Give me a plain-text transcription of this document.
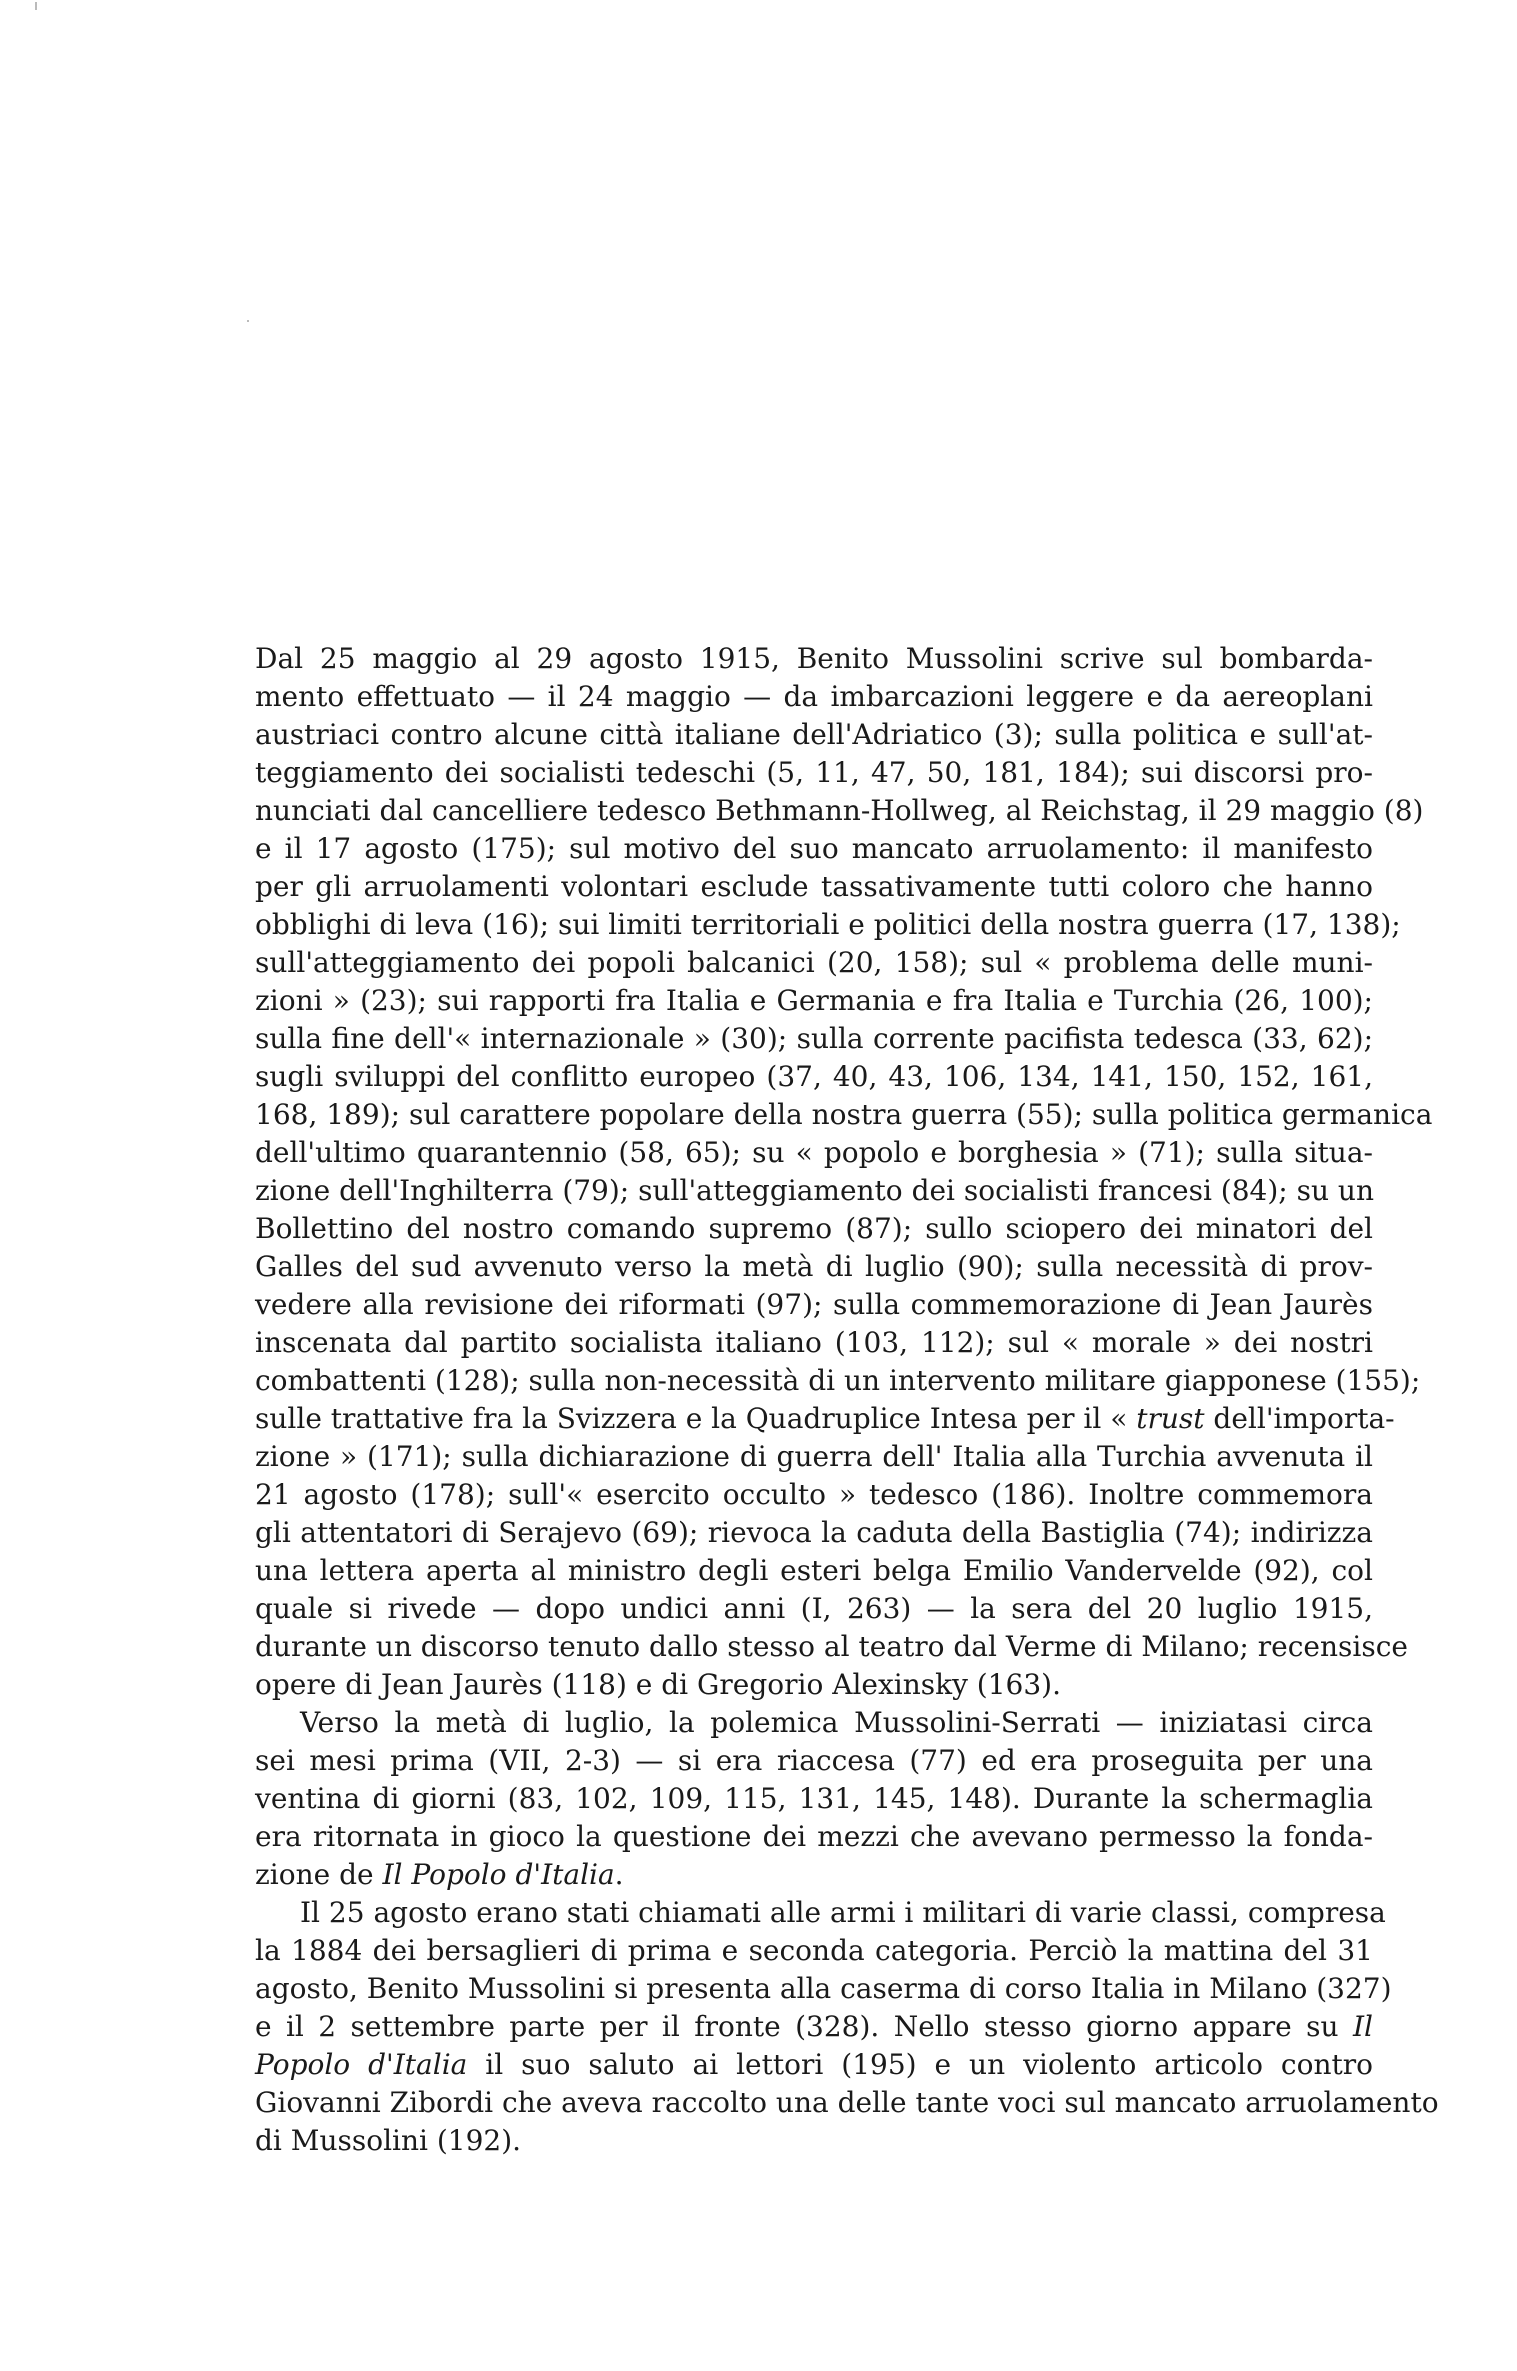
Dal 25 maggio al 29 agosto 1915, Benito Mussolini scrive sul bombarda-
mento effettuato — il 24 maggio — da imbarcazioni leggere e da aereoplani
austriaci contro alcune città italiane dell'Adriatico (3); sulla politica e sull'at-
teggiamento dei socialisti tedeschi (5, 11, 47, 50, 181, 184); sui discorsi pro-
nunciati dal cancelliere tedesco Bethmann-Hollweg, al Reichstag, il 29 maggio (8)
e il 17 agosto (175); sul motivo del suo mancato arruolamento: il manifesto
per gli arruolamenti volontari esclude tassativamente tutti coloro che hanno
obblighi di leva (16); sui limiti territoriali e politici della nostra guerra (17, 138);
sull'atteggiamento dei popoli balcanici (20, 158); sul « problema delle muni-
zioni » (23); sui rapporti fra Italia e Germania e fra Italia e Turchia (26, 100);
sulla fine dell'« internazionale » (30); sulla corrente pacifista tedesca (33, 62);
sugli sviluppi del conflitto europeo (37, 40, 43, 106, 134, 141, 150, 152, 161,
168, 189); sul carattere popolare della nostra guerra (55); sulla politica germanica
dell'ultimo quarantennio (58, 65); su « popolo e borghesia » (71); sulla situa-
zione dell'Inghilterra (79); sull'atteggiamento dei socialisti francesi (84); su un
Bollettino del nostro comando supremo (87); sullo sciopero dei minatori del
Galles del sud avvenuto verso la metà di luglio (90); sulla necessità di prov-
vedere alla revisione dei riformati (97); sulla commemorazione di Jean Jaurès
inscenata dal partito socialista italiano (103, 112); sul « morale » dei nostri
combattenti (128); sulla non-necessità di un intervento militare giapponese (155);
sulle trattative fra la Svizzera e la Quadruplice Intesa per il « trust dell'importa-
zione » (171); sulla dichiarazione di guerra dell' Italia alla Turchia avvenuta il
21 agosto (178); sull'« esercito occulto » tedesco (186). Inoltre commemora
gli attentatori di Serajevo (69); rievoca la caduta della Bastiglia (74); indirizza
una lettera aperta al ministro degli esteri belga Emilio Vandervelde (92), col
quale si rivede — dopo undici anni (I, 263) — la sera del 20 luglio 1915,
durante un discorso tenuto dallo stesso al teatro dal Verme di Milano; recensisce
opere di Jean Jaurès (118) e di Gregorio Alexinsky (163).
Verso la metà di luglio, la polemica Mussolini-Serrati — iniziatasi circa
sei mesi prima (VII, 2-3) — si era riaccesa (77) ed era proseguita per una
ventina di giorni (83, 102, 109, 115, 131, 145, 148). Durante la schermaglia
era ritornata in gioco la questione dei mezzi che avevano permesso la fonda-
zione de Il Popolo d'Italia.
Il 25 agosto erano stati chiamati alle armi i militari di varie classi, compresa
la 1884 dei bersaglieri di prima e seconda categoria. Perciò la mattina del 31
agosto, Benito Mussolini si presenta alla caserma di corso Italia in Milano (327)
e il 2 settembre parte per il fronte (328). Nello stesso giorno appare su Il
Popolo d'Italia il suo saluto ai lettori (195) e un violento articolo contro
Giovanni Zibordi che aveva raccolto una delle tante voci sul mancato arruolamento
di Mussolini (192).
